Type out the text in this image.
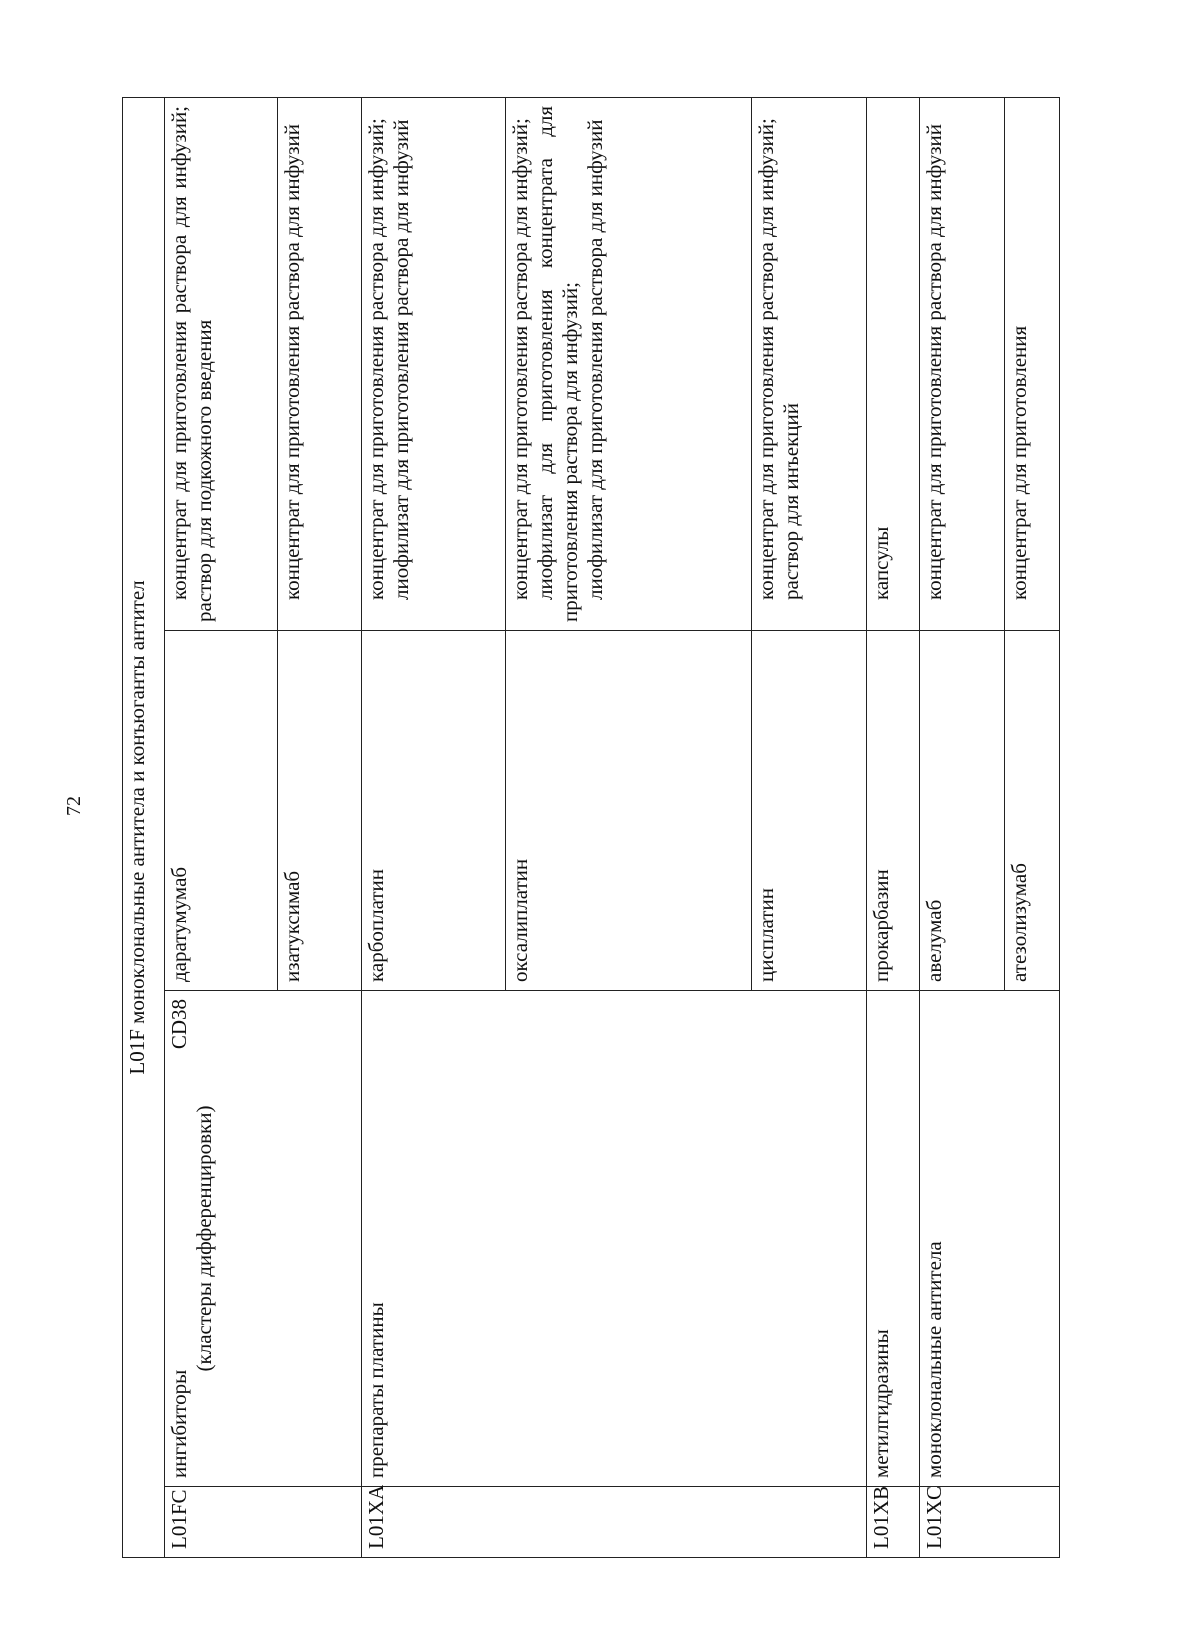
72 L01F моноклональные антитела и конъюганты антител			
L01FC	ингибиторы CD38 (кластеры дифференцировки)	даратумумаб	концентрат для приготовления раствора для инфузий; раствор для подкожного введения

		изатуксимаб	концентрат для приготовления раствора для инфузий

L01XA	препараты платины	карбоплатин	концентрат для приготовления раствора для инфузий; лиофилизат для приготовления раствора для инфузий

		оксалиплатин	концентрат для приготовления раствора для инфузий; лиофилизат для приготовления концентрата для приготовления раствора для инфузий; лиофилизат для приготовления раствора для инфузий

		цисплатин	концентрат для приготовления раствора для инфузий; раствор для инъекций

L01XB	метилгидразины	прокарбазин	капсулы

L01XC	моноклональные антитела	авелумаб	концентрат для приготовления раствора для инфузий

		атезолизумаб	концентрат для приготовления
